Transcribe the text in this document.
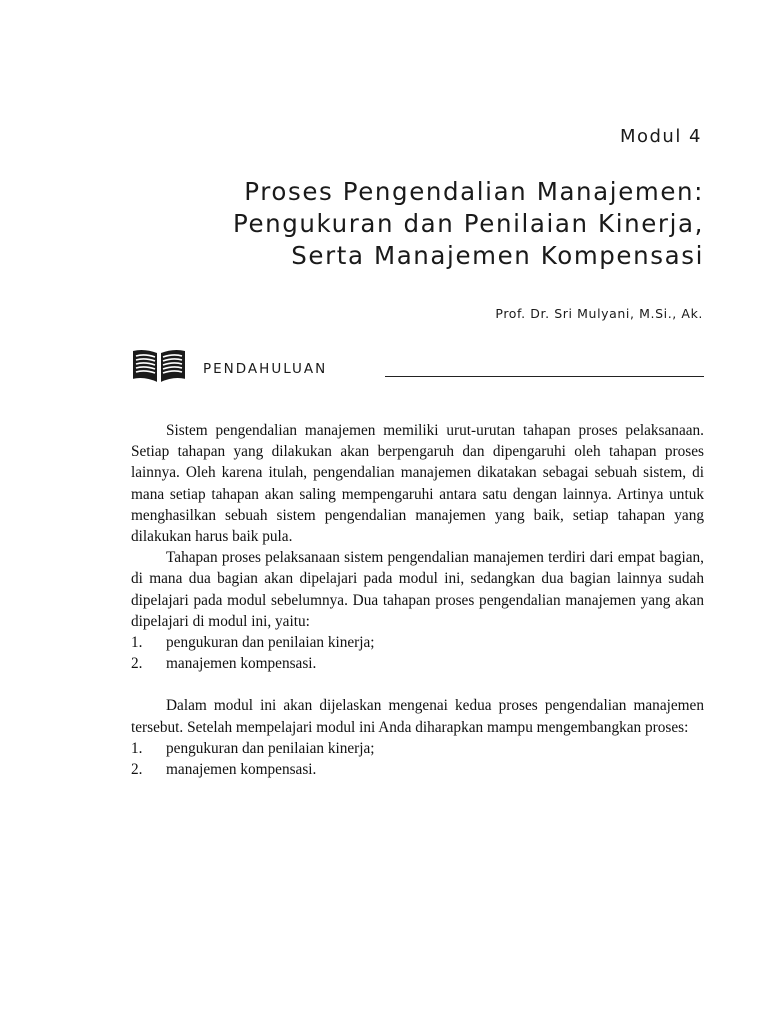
Modul 4
Proses Pengendalian Manajemen:
Pengukuran dan Penilaian Kinerja,
Serta Manajemen Kompensasi
Prof. Dr. Sri Mulyani, M.Si., Ak.
PENDAHULUAN

Sistem pengendalian manajemen memiliki urut-urutan tahapan proses pelaksanaan. Setiap tahapan yang dilakukan akan berpengaruh dan dipengaruhi oleh tahapan proses lainnya. Oleh karena itulah, pengendalian manajemen dikatakan sebagai sebuah sistem, di mana setiap tahapan akan saling mempengaruhi antara satu dengan lainnya. Artinya untuk menghasilkan sebuah sistem pengendalian manajemen yang baik, setiap tahapan yang dilakukan harus baik pula.

Tahapan proses pelaksanaan sistem pengendalian manajemen terdiri dari empat bagian, di mana dua bagian akan dipelajari pada modul ini, sedangkan dua bagian lainnya sudah dipelajari pada modul sebelumnya. Dua tahapan proses pengendalian manajemen yang akan dipelajari di modul ini, yaitu:

1. pengukuran dan penilaian kinerja;
2. manajemen kompensasi.

Dalam modul ini akan dijelaskan mengenai kedua proses pengendalian manajemen tersebut. Setelah mempelajari modul ini Anda diharapkan mampu mengembangkan proses:

1. pengukuran dan penilaian kinerja;
2. manajemen kompensasi.
